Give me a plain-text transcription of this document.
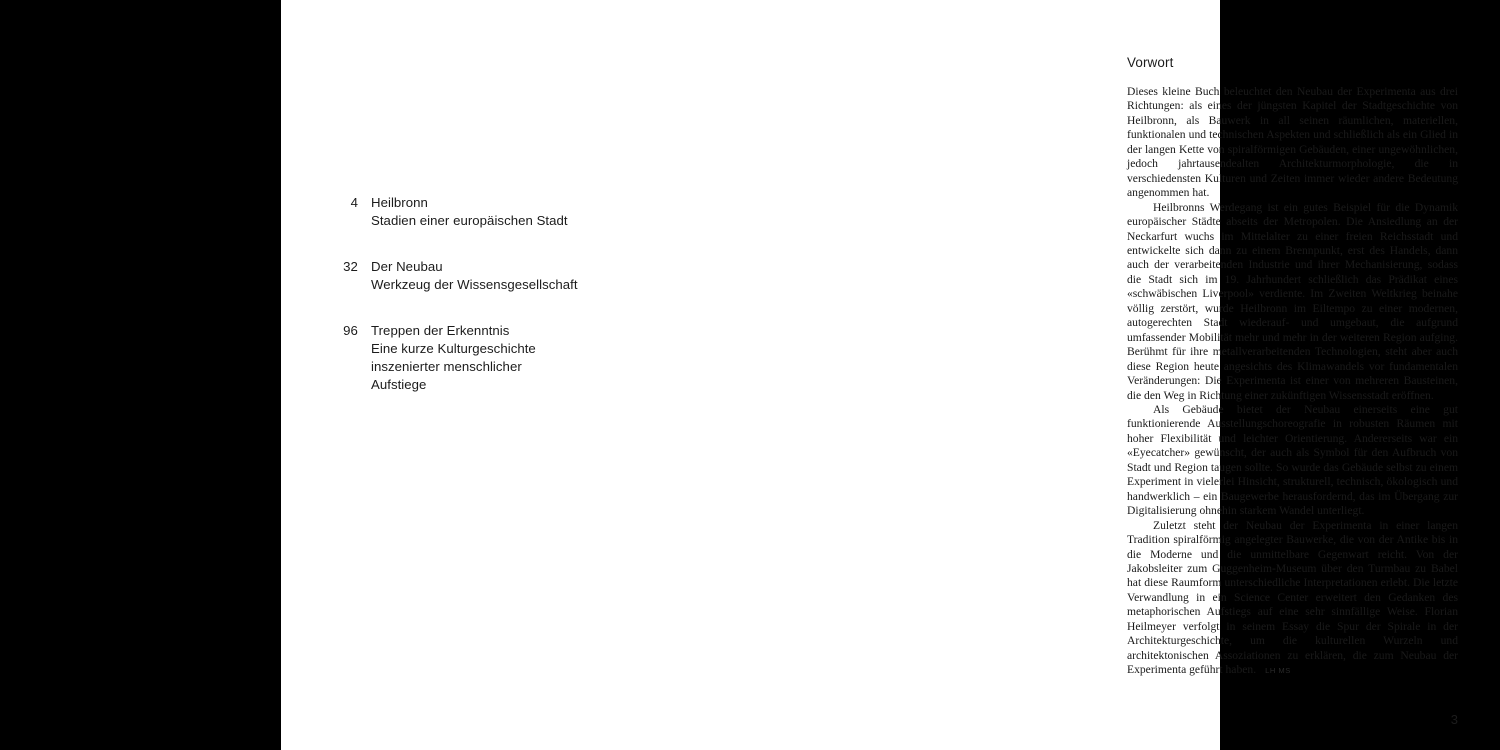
4 Heilbronn
Stadien einer europäischen Stadt
32 Der Neubau
Werkzeug der Wissensgesellschaft
96 Treppen der Erkenntnis
Eine kurze Kulturgeschichte
inszenierter menschlicher
Aufstiege
Vorwort

Dieses kleine Buch beleuchtet den Neubau der Experimenta aus drei Richtungen: als eines der jüngsten Kapitel der Stadtgeschichte von Heilbronn, als Bauwerk in all seinen räumlichen, materiellen, funktionalen und technischen Aspekten und schließlich als ein Glied in der langen Kette von spiralförmigen Gebäuden, einer ungewöhnlichen, jedoch jahrtausendealten Architekturmorphologie, die in verschiedensten Kulturen und Zeiten immer wieder andere Bedeutung angenommen hat.

Heilbronns Werdegang ist ein gutes Beispiel für die Dynamik europäischer Städte abseits der Metropolen. Die Ansiedlung an der Neckarfurt wuchs im Mittelalter zu einer freien Reichsstadt und entwickelte sich dann zu einem Brennpunkt, erst des Handels, dann auch der verarbeitenden Industrie und ihrer Mechanisierung, sodass die Stadt sich im 19. Jahrhundert schließlich das Prädikat eines «schwäbischen Liverpool» verdiente. Im Zweiten Weltkrieg beinahe völlig zerstört, wurde Heilbronn im Eiltempo zu einer modernen, autogerechten Stadt wiederauf- und umgebaut, die aufgrund umfassender Mobilität mehr und mehr in der weiteren Region aufging. Berühmt für ihre metallverarbeitenden Technologien, steht aber auch diese Region heute angesichts des Klimawandels vor fundamentalen Veränderungen: Die Experimenta ist einer von mehreren Bausteinen, die den Weg in Richtung einer zukünftigen Wissensstadt eröffnen.

Als Gebäude bietet der Neubau einerseits eine gut funktionierende Ausstellungschoreografie in robusten Räumen mit hoher Flexibilität und leichter Orientierung. Andererseits war ein «Eyecatcher» gewünscht, der auch als Symbol für den Aufbruch von Stadt und Region taugen sollte. So wurde das Gebäude selbst zu einem Experiment in vielerlei Hinsicht, strukturell, technisch, ökologisch und handwerklich – ein Baugewerbe herausfordernd, das im Übergang zur Digitalisierung ohnehin starkem Wandel unterliegt.

Zuletzt steht der Neubau der Experimenta in einer langen Tradition spiralförmig angelegter Bauwerke, die von der Antike bis in die Moderne und die unmittelbare Gegenwart reicht. Von der Jakobsleiter zum Guggenheim-Museum über den Turmbau zu Babel hat diese Raumform unterschiedliche Interpretationen erlebt. Die letzte Verwandlung in ein Science Center erweitert den Gedanken des metaphorischen Aufstiegs auf eine sehr sinnfällige Weise. Florian Heilmeyer verfolgt in seinem Essay die Spur der Spirale in der Architekturgeschichte, um die kulturellen Wurzeln und architektonischen Assoziationen zu erklären, die zum Neubau der Experimenta geführt haben. LH MS

3
